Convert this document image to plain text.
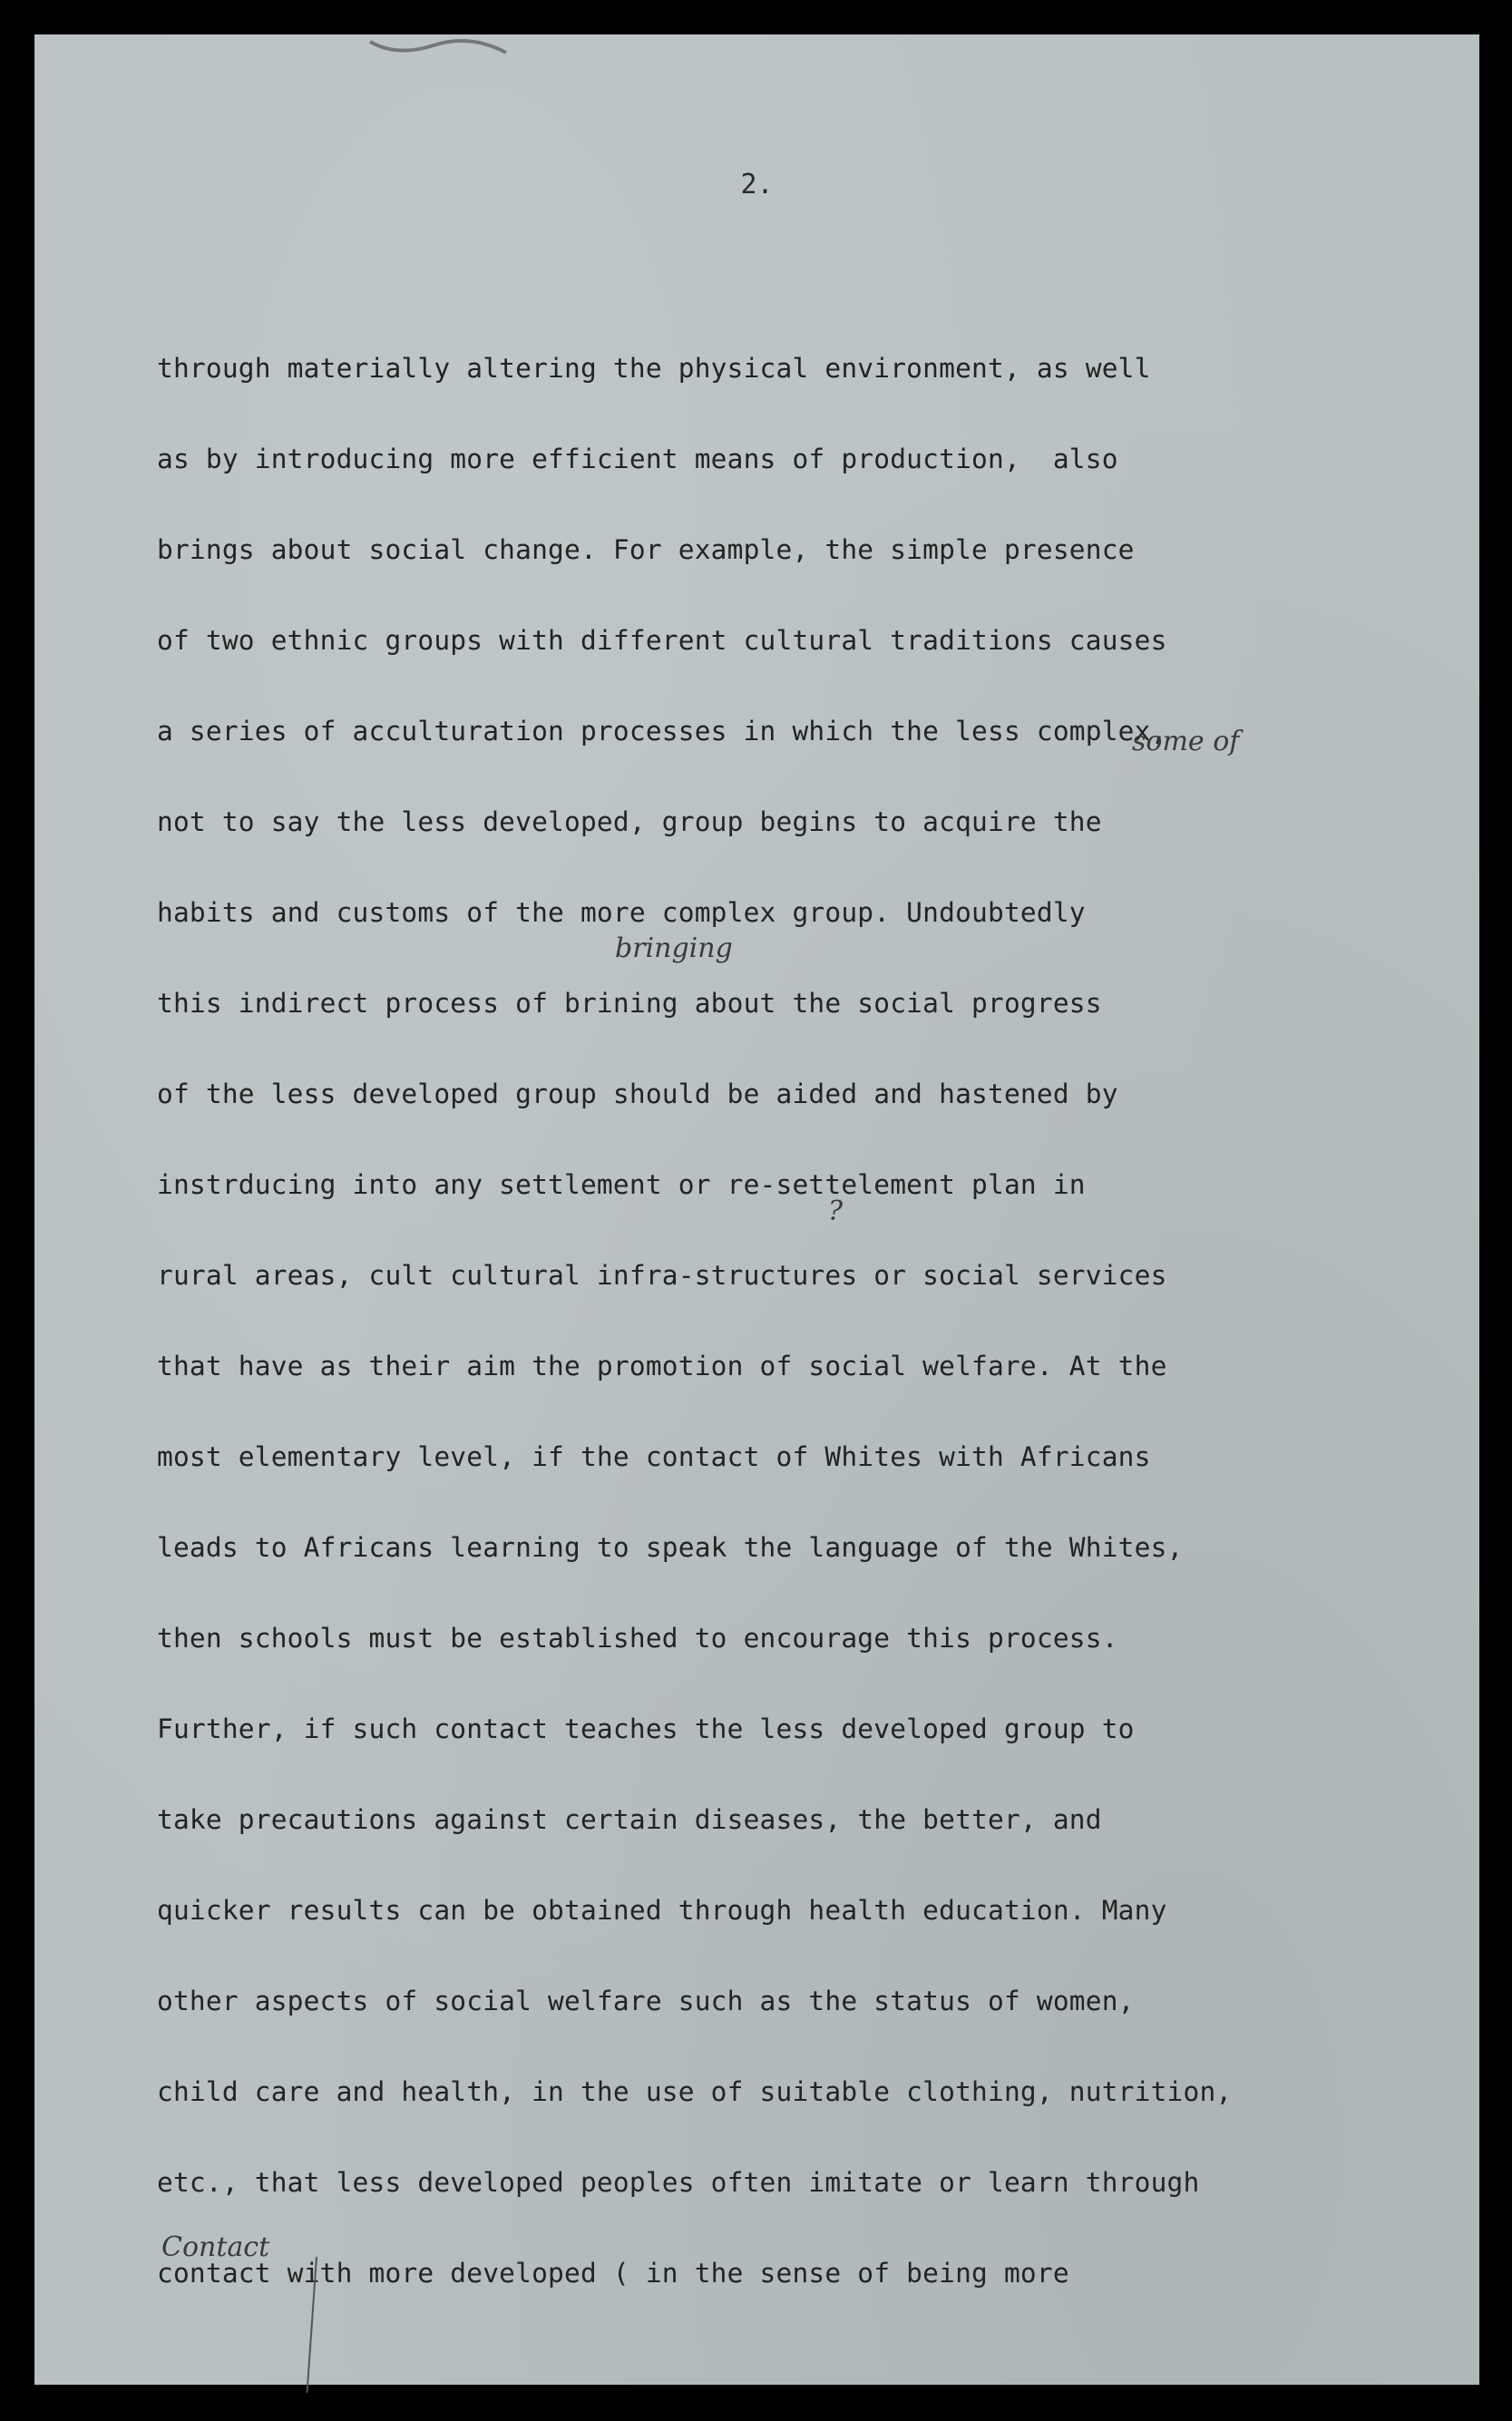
2.
through materially altering the physical environment, as well
as by introducing more efficient means of production,  also
brings about social change. For example, the simple presence
of two ethnic groups with different cultural traditions causes
a series of acculturation processes in which the less complex,
not to say the less developed, group begins to acquire the
habits and customs of the more complex group. Undoubtedly
this indirect process of brining about the social progress
of the less developed group should be aided and hastened by
instrducing into any settlement or re-settelement plan in
rural areas, cult cultural infra-structures or social services
that have as their aim the promotion of social welfare. At the
most elementary level, if the contact of Whites with Africans
leads to Africans learning to speak the language of the Whites,
then schools must be established to encourage this process.
Further, if such contact teaches the less developed group to
take precautions against certain diseases, the better, and
quicker results can be obtained through health education. Many
other aspects of social welfare such as the status of women,
child care and health, in the use of suitable clothing, nutrition,
etc., that less developed peoples often imitate or learn through
contact with more developed ( in the sense of being more
some of
bringing
?
Contact
